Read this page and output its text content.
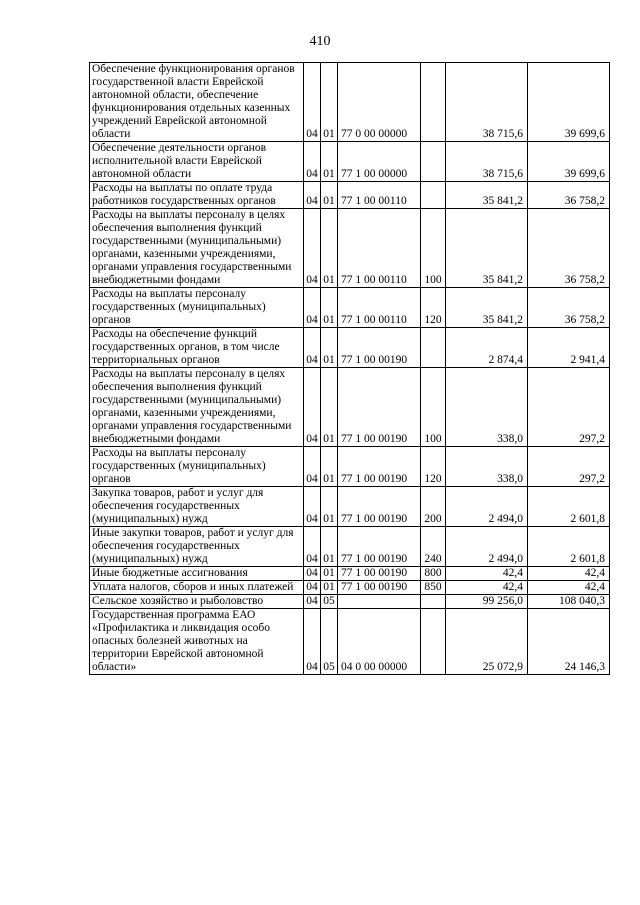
410
Обеспечение функционирования органов государственной власти Еврейской автономной области, обеспечение функционирования отдельных казенных учреждений Еврейской автономной области	04	01	77 0 00 00000		38 715,6	39 699,6
Обеспечение деятельности органов исполнительной власти Еврейской автономной области	04	01	77 1 00 00000		38 715,6	39 699,6
Расходы на выплаты по оплате труда работников государственных органов	04	01	77 1 00 00110		35 841,2	36 758,2
Расходы на выплаты персоналу в целях обеспечения выполнения функций государственными (муниципальными) органами, казенными учреждениями, органами управления государственными внебюджетными фондами	04	01	77 1 00 00110	100	35 841,2	36 758,2
Расходы на выплаты персоналу государственных (муниципальных) органов	04	01	77 1 00 00110	120	35 841,2	36 758,2
Расходы на обеспечение функций государственных органов, в том числе территориальных органов	04	01	77 1 00 00190		2 874,4	2 941,4
Расходы на выплаты персоналу в целях обеспечения выполнения функций государственными (муниципальными) органами, казенными учреждениями, органами управления государственными внебюджетными фондами	04	01	77 1 00 00190	100	338,0	297,2
Расходы на выплаты персоналу государственных (муниципальных) органов	04	01	77 1 00 00190	120	338,0	297,2
Закупка товаров, работ и услуг для обеспечения государственных (муниципальных) нужд	04	01	77 1 00 00190	200	2 494,0	2 601,8
Иные закупки товаров, работ и услуг для обеспечения государственных (муниципальных) нужд	04	01	77 1 00 00190	240	2 494,0	2 601,8
Иные бюджетные ассигнования	04	01	77 1 00 00190	800	42,4	42,4
Уплата налогов, сборов и иных платежей	04	01	77 1 00 00190	850	42,4	42,4
Сельское хозяйство и рыболовство	04	05			99 256,0	108 040,3
Государственная программа ЕАО «Профилактика и ликвидация особо опасных болезней животных на территории Еврейской автономной области»	04	05	04 0 00 00000		25 072,9	24 146,3
